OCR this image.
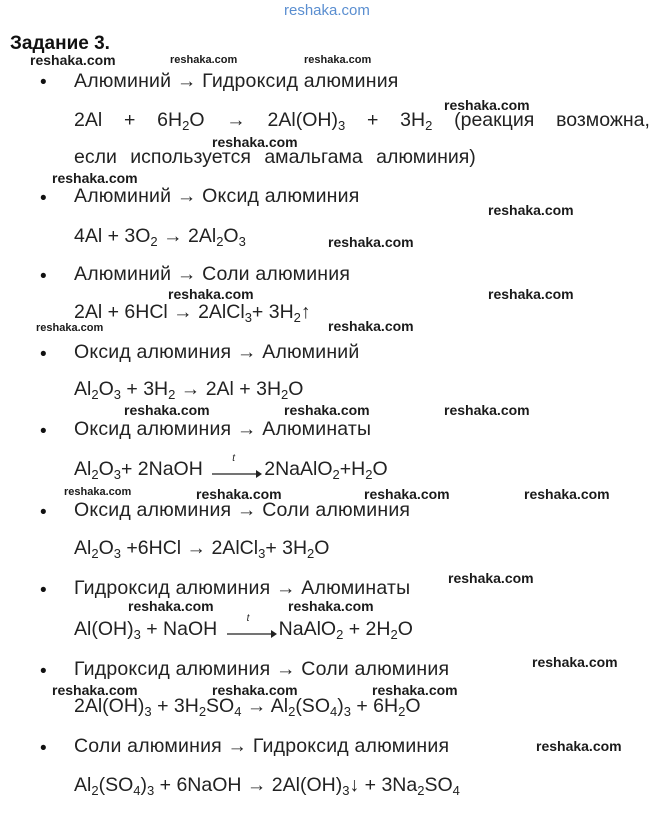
reshaka.com
Задание 3.
reshaka.com	reshaka.com	reshaka.com
reshaka.com
reshaka.com
reshaka.com
reshaka.com
reshaka.com
reshaka.com	reshaka.com
reshaka.com	reshaka.com
reshaka.com	reshaka.com	reshaka.com
reshaka.com	reshaka.com	reshaka.com	reshaka.com
reshaka.com
reshaka.com	reshaka.com
reshaka.com
reshaka.com	reshaka.com	reshaka.com
reshaka.com
• Алюминий → Гидроксид алюминия
$2Al + 6H_2O \to 2Al(OH)_3 + 3H_2$ (реакция возможна,
если используется амальгама алюминия)
• Алюминий → Оксид алюминия
$4Al + 3O_2 \to 2Al_2O_3$
• Алюминий → Соли алюминия
2Al + 6HCl → 2AlCl$_3$+ $3H_2↑$
• Оксид алюминия → Алюминий
$Al_2O_3 + 3H_2 \to 2Al + 3H_2O$
• Оксид алюминия → Алюминаты
$Al_2O_3+$ 2NaOH	t $2NaAlO_2+H_2O$
• Оксид алюминия → Соли алюминия
$Al_2O_3 +6HCl$ → 2AlCl$_3$+ $3H_2O$
• Гидроксид алюминия → Алюминаты
$Al(OH)_3$ + NaOH	t NaAlO$_2$ + $2H_2O$
• Гидроксид алюминия → Соли алюминия
$2Al(OH)_3 + 3H_2SO_4 \to Al_2(SO_4)_3 + 6H_2O$
• Соли алюминия → Гидроксид алюминия
$Al_2(SO_4)_3$ + 6NaOH → $2Al(OH)_3↓ + 3Na_2SO_4$
